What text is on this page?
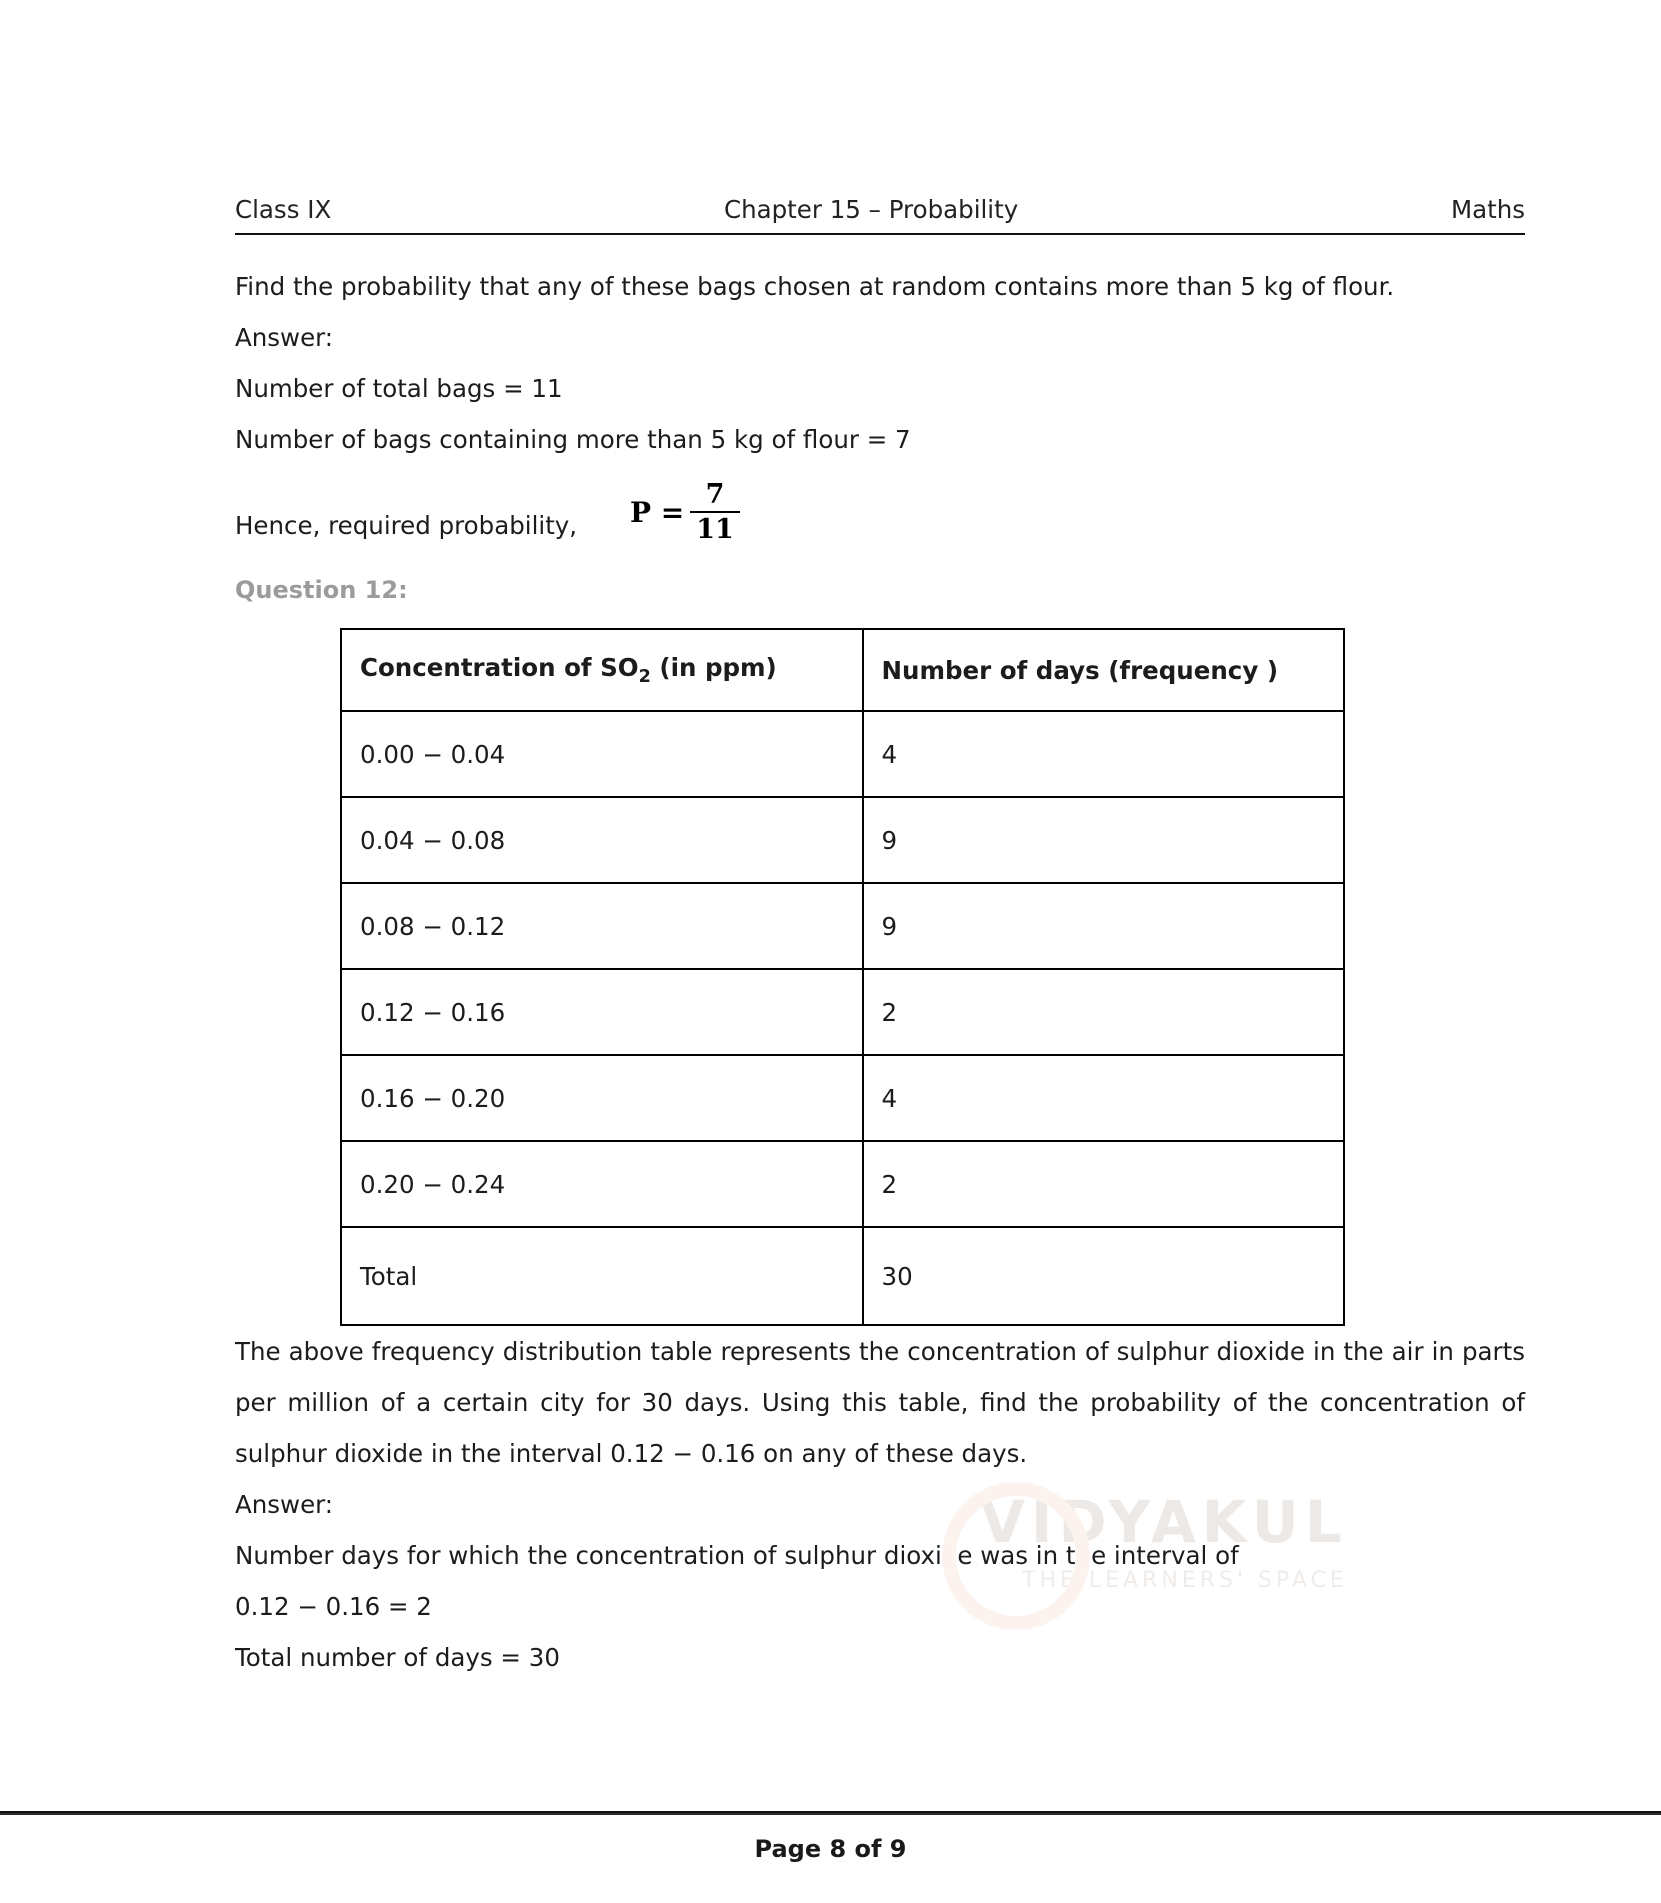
Class IX	Chapter 15 – Probability	Maths
Find the probability that any of these bags chosen at random contains more than 5 kg of flour.
Answer:
Number of total bags = 11
Number of bags containing more than 5 kg of flour = 7
Hence, required probability, $P = \frac{7}{11}$
Question 12:
VIDYAKUL
THE LEARNERS' SPACE
Concentration of $SO_2$ (in ppm)	Number of days (frequency )
0.00 − 0.04	4
0.04 − 0.08	9
0.08 − 0.12	9
0.12 − 0.16	2
0.16 − 0.20	4
0.20 − 0.24	2
Total	30
The above frequency distribution table represents the concentration of sulphur dioxide in the air in parts per million of a certain city for 30 days. Using this table, find the probability of the concentration of sulphur dioxide in the interval 0.12 − 0.16 on any of these days.
Answer:
Number days for which the concentration of sulphur dioxide was in the interval of
0.12 − 0.16 = 2
Total number of days = 30
Page 8 of 9
